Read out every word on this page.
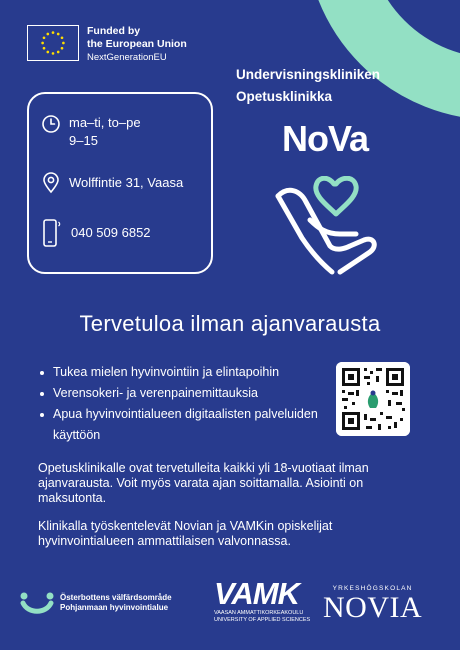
Funded by
the European Union
NextGenerationEU
Undervisningskliniken
Opetusklinikka
NoVa
ma–ti, to–pe
9–15
Wolffintie 31, Vaasa
040 509 6852
Tervetuloa ilman ajanvarausta
Tukea mielen hyvinvointiin ja elintapoihin
Verensokeri- ja verenpainemittauksia
Apua hyvinvointialueen digitaalisten palveluiden käyttöön

Opetusklinikalle ovat tervetulleita kaikki yli 18-vuotiaat ilman ajanvarausta. Voit myös varata ajan soittamalla. Asiointi on maksutonta.

Klinikalla työskentelevät Novian ja VAMKin opiskelijat hyvinvointialueen ammattilaisen valvonnassa.

Österbottens välfärdsområde
Pohjanmaan hyvinvointialue VAMK
VAASAN AMMATTIKORKEAKOULU
UNIVERSITY OF APPLIED SCIENCES
YRKESHÖGSKOLAN
NOVIA
